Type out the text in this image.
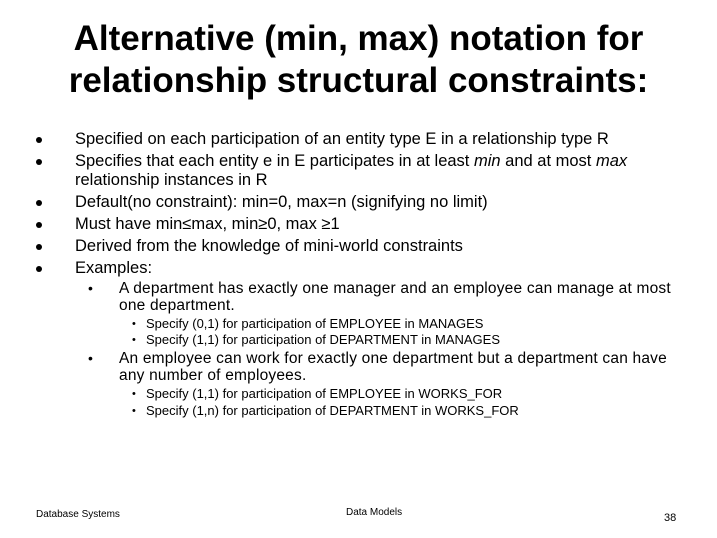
Alternative (min, max) notation for
relationship structural constraints:
Specified on each participation of an entity type E in a relationship type R
Specifies that each entity e in E participates in at least min and at most max relationship instances in R
Default(no constraint): min=0, max=n (signifying no limit)
Must have min≤max, min≥0, max ≥1
Derived from the knowledge of mini-world constraints
Examples:
• A department has exactly one manager and an employee can manage at most one department.
• Specify (0,1) for participation of EMPLOYEE in MANAGES
• Specify (1,1) for participation of DEPARTMENT in MANAGES
• An employee can work for exactly one department but a department can have any number of employees.
• Specify (1,1) for participation of EMPLOYEE in WORKS_FOR
• Specify (1,n) for participation of DEPARTMENT in WORKS_FOR
Database Systems	Data Models	38
